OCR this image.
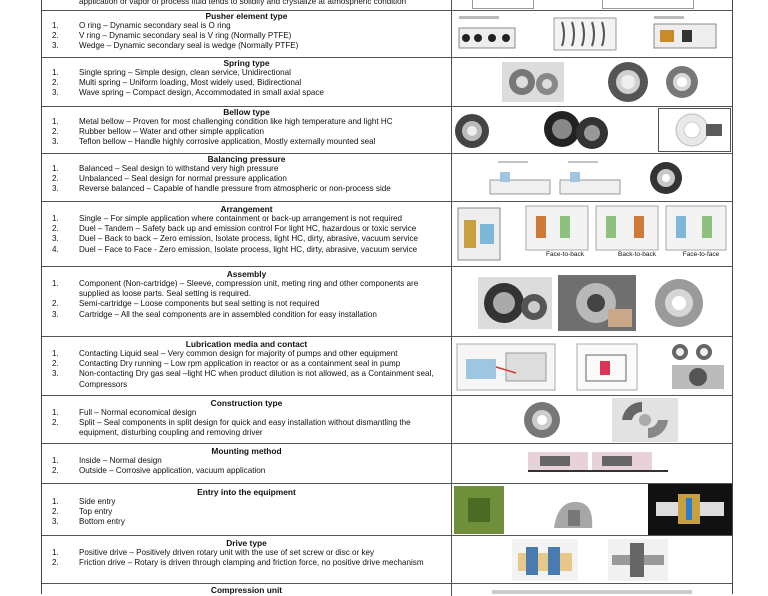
application or vapor of process fluid tends to solidify and crystalize at atmospheric condition
Pusher element type
1.	O ring – Dynamic secondary seal is O ring
2.	V ring – Dynamic secondary seal is V ring (Normally PTFE)
3.	Wedge – Dynamic secondary seal is wedge (Normally PTFE)
Spring type
1.	Single spring – Simple design, clean service, Unidirectional
2.	Multi spring – Uniform loading, Most widely used, Bidirectional
3.	Wave spring – Compact design, Accommodated in small axial space
Bellow type
1.	Metal bellow – Proven for most challenging condition like high temperature and light HC
2.	Rubber bellow – Water and other simple application
3.	Teflon bellow – Handle highly corrosive application, Mostly externally mounted seal
Balancing pressure
1.	Balanced – Seal design to withstand very high pressure
2.	Unbalanced – Seal design for normal pressure application
3.	Reverse balanced – Capable of handle pressure from atmospheric or non-process side
Arrangement
1.	Single – For simple application where containment or back-up arrangement is not required
2.	Duel – Tandem – Safety back up and emission control For light HC, hazardous or toxic service
3.	Duel – Back to back – Zero emission, Isolate process, light HC, dirty, abrasive, vacuum service
4.	Duel – Face to Face - Zero emission, Isolate process, light HC, dirty, abrasive, vacuum service
Face-to-back	Back-to-back	Face-to-face
Assembly
1.	Component (Non-cartridge) – Sleeve, compression unit, meting ring and other components are supplied as loose parts. Seal setting is required.
2.	Semi-cartridge – Loose components but seal setting is not required
3.	Cartridge – All the seal components are in assembled condition for easy installation
Lubrication media and contact
1.	Contacting Liquid seal – Very common design for majority of pumps and other equipment
2.	Contacting Dry running – Low rpm application in reactor or as a containment seal in pump
3.	Non-contacting Dry gas seal –light HC when product dilution is not allowed, as a Containment seal, Compressors
Construction type
1.	Full – Normal economical design
2.	Split – Seal components in split design for quick and easy installation without dismantling the equipment, disturbing coupling and removing driver
Mounting method
1.	Inside – Normal design
2.	Outside – Corrosive application, vacuum application
Entry into the equipment
1.	Side entry
2.	Top entry
3.	Bottom entry
Drive type
1.	Positive drive – Positively driven rotary unit with the use of set screw or disc or key
2.	Friction drive – Rotary is driven through clamping and friction force, no positive drive mechanism
Compression unit
